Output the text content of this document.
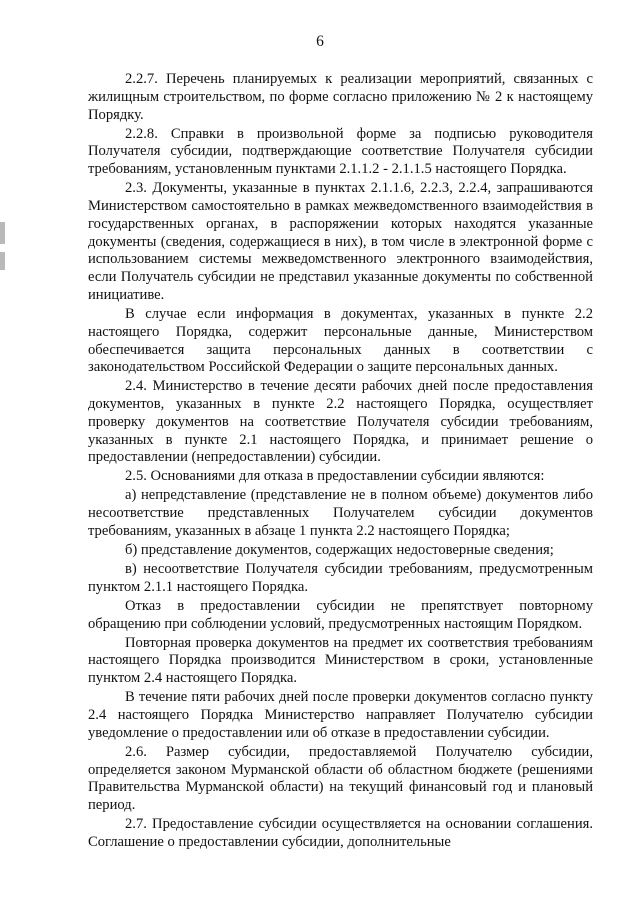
6

2.2.7. Перечень планируемых к реализации мероприятий, связанных с жилищным строительством, по форме согласно приложению № 2 к настоящему Порядку.

2.2.8. Справки в произвольной форме за подписью руководителя Получателя субсидии, подтверждающие соответствие Получателя субсидии требованиям, установленным пунктами 2.1.1.2 - 2.1.1.5 настоящего Порядка.

2.3. Документы, указанные в пунктах 2.1.1.6, 2.2.3, 2.2.4, запрашиваются Министерством самостоятельно в рамках межведомственного взаимодействия в государственных органах, в распоряжении которых находятся указанные документы (сведения, содержащиеся в них), в том числе в электронной форме с использованием системы межведомственного электронного взаимодействия, если Получатель субсидии не представил указанные документы по собственной инициативе.

В случае если информация в документах, указанных в пункте 2.2 настоящего Порядка, содержит персональные данные, Министерством обеспечивается защита персональных данных в соответствии с законодательством Российской Федерации о защите персональных данных.

2.4. Министерство в течение десяти рабочих дней после предоставления документов, указанных в пункте 2.2 настоящего Порядка, осуществляет проверку документов на соответствие Получателя субсидии требованиям, указанных в пункте 2.1 настоящего Порядка, и принимает решение о предоставлении (непредоставлении) субсидии.

2.5. Основаниями для отказа в предоставлении субсидии являются:

а) непредставление (представление не в полном объеме) документов либо несоответствие представленных Получателем субсидии документов требованиям, указанных в абзаце 1 пункта 2.2 настоящего Порядка;

б) представление документов, содержащих недостоверные сведения;

в) несоответствие Получателя субсидии требованиям, предусмотренным пунктом 2.1.1 настоящего Порядка.

Отказ в предоставлении субсидии не препятствует повторному обращению при соблюдении условий, предусмотренных настоящим Порядком.

Повторная проверка документов на предмет их соответствия требованиям настоящего Порядка производится Министерством в сроки, установленные пунктом 2.4 настоящего Порядка.

В течение пяти рабочих дней после проверки документов согласно пункту 2.4 настоящего Порядка Министерство направляет Получателю субсидии уведомление о предоставлении или об отказе в предоставлении субсидии.

2.6. Размер субсидии, предоставляемой Получателю субсидии, определяется законом Мурманской области об областном бюджете (решениями Правительства Мурманской области) на текущий финансовый год и плановый период.

2.7. Предоставление субсидии осуществляется на основании соглашения. Соглашение о предоставлении субсидии, дополнительные
